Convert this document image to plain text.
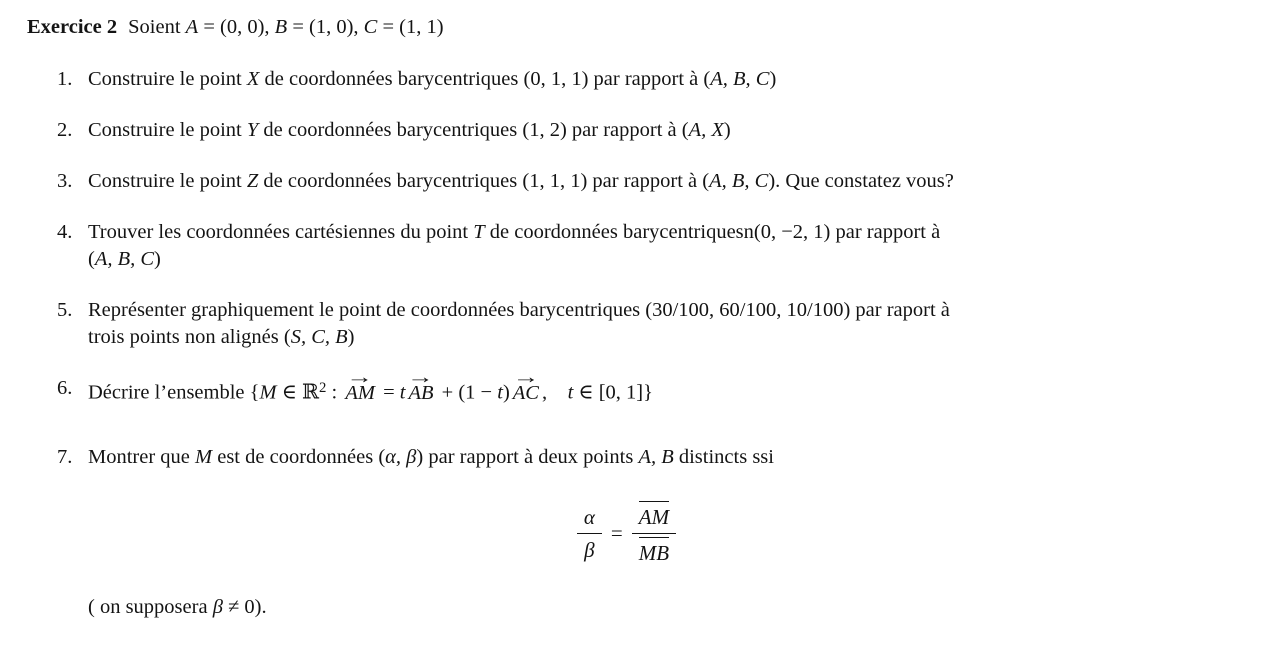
Exercice 2 Soient A = (0, 0), B = (1, 0), C = (1, 1)
1. Construire le point X de coordonnées barycentriques (0, 1, 1) par rapport à (A, B, C)
2. Construire le point Y de coordonnées barycentriques (1, 2) par rapport à (A, X)
3. Construire le point Z de coordonnées barycentriques (1, 1, 1) par rapport à (A, B, C). Que constatez vous?
4. Trouver les coordonnées cartésiennes du point T de coordonnées barycentriquesn(0, −2, 1) par rapport à
(A, B, C)
5. Représenter graphiquement le point de coordonnées barycentriques (30/100, 60/100, 10/100) par raport à
trois points non alignés (S, C, B)
6. Décrire l’ensemble {M ∈ ℝ$^2$ :
→
AM = t
→
AB + (1 − t)
→
AC , t ∈ [0, 1]}
7. Montrer que M est de coordonnées (α, β) par rapport à deux points A, B distincts ssi
$\frac{\alpha}{\beta} = \frac{AM}{MB}$
( on supposera β ≠ 0).
